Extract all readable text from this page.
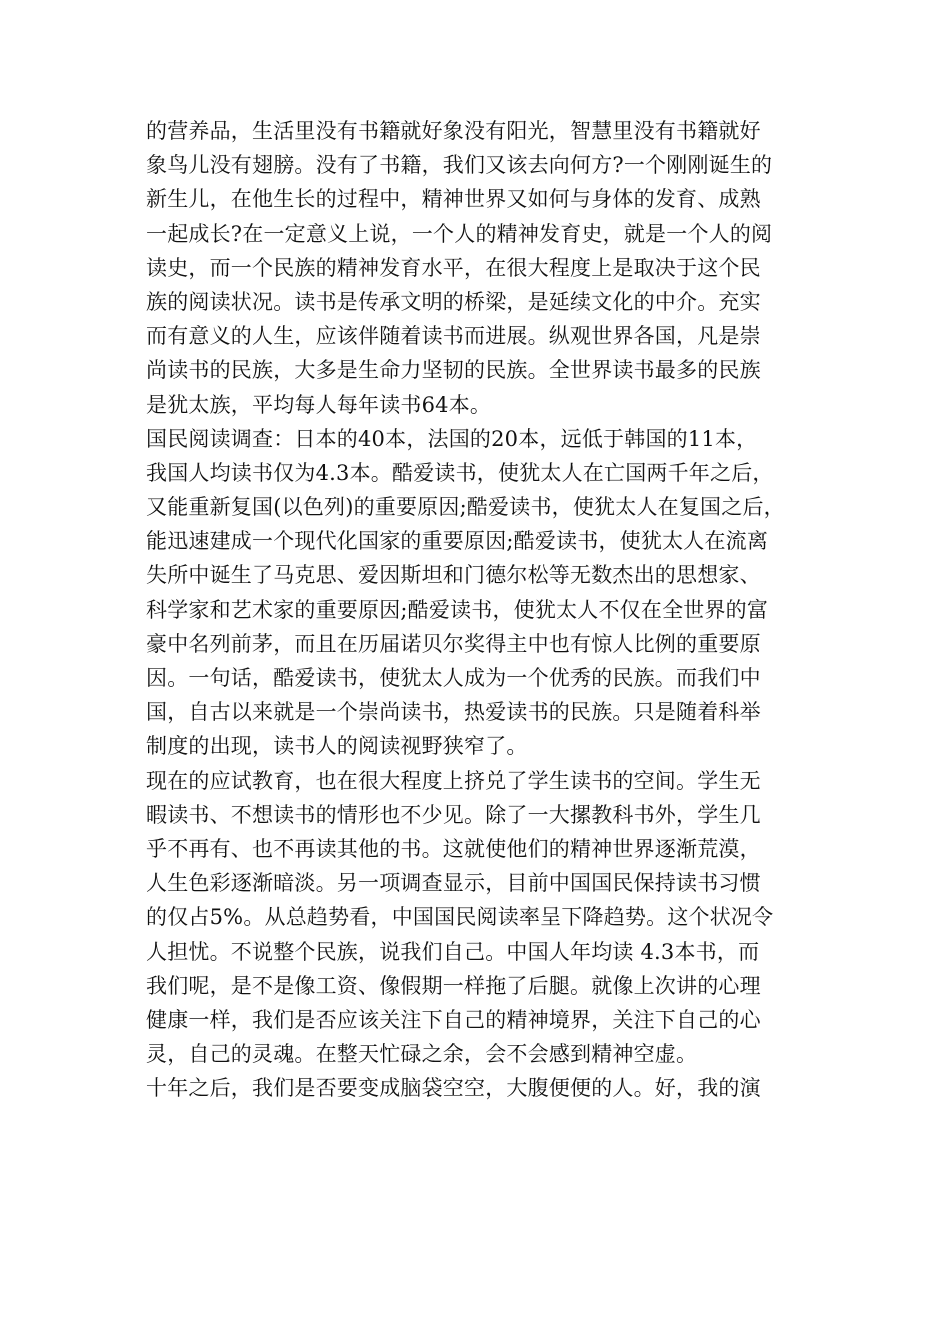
的营养品，生活里没有书籍就好象没有阳光，智慧里没有书籍就好
象鸟儿没有翅膀。没有了书籍，我们又该去向何方?一个刚刚诞生的
新生儿，在他生长的过程中，精神世界又如何与身体的发育、成熟
一起成长?在一定意义上说，一个人的精神发育史，就是一个人的阅
读史，而一个民族的精神发育水平，在很大程度上是取决于这个民
族的阅读状况。读书是传承文明的桥梁，是延续文化的中介。充实
而有意义的人生，应该伴随着读书而进展。纵观世界各国，凡是崇
尚读书的民族，大多是生命力坚韧的民族。全世界读书最多的民族
是犹太族，平均每人每年读书64本。
国民阅读调查：日本的40本，法国的20本，远低于韩国的11本，
我国人均读书仅为4.3本。酷爱读书，使犹太人在亡国两千年之后，
又能重新复国(以色列)的重要原因;酷爱读书，使犹太人在复国之后，
能迅速建成一个现代化国家的重要原因;酷爱读书，使犹太人在流离
失所中诞生了马克思、爱因斯坦和门德尔松等无数杰出的思想家、
科学家和艺术家的重要原因;酷爱读书，使犹太人不仅在全世界的富
豪中名列前茅，而且在历届诺贝尔奖得主中也有惊人比例的重要原
因。一句话，酷爱读书，使犹太人成为一个优秀的民族。而我们中
国，自古以来就是一个崇尚读书，热爱读书的民族。只是随着科举
制度的出现，读书人的阅读视野狭窄了。
现在的应试教育，也在很大程度上挤兑了学生读书的空间。学生无
暇读书、不想读书的情形也不少见。除了一大摞教科书外，学生几
乎不再有、也不再读其他的书。这就使他们的精神世界逐渐荒漠，
人生色彩逐渐暗淡。另一项调查显示，目前中国国民保持读书习惯
的仅占5%。从总趋势看，中国国民阅读率呈下降趋势。这个状况令
人担忧。不说整个民族，说我们自己。中国人年均读 4.3本书，而
我们呢，是不是像工资、像假期一样拖了后腿。就像上次讲的心理
健康一样，我们是否应该关注下自己的精神境界，关注下自己的心
灵，自己的灵魂。在整天忙碌之余，会不会感到精神空虚。
十年之后，我们是否要变成脑袋空空，大腹便便的人。好，我的演
